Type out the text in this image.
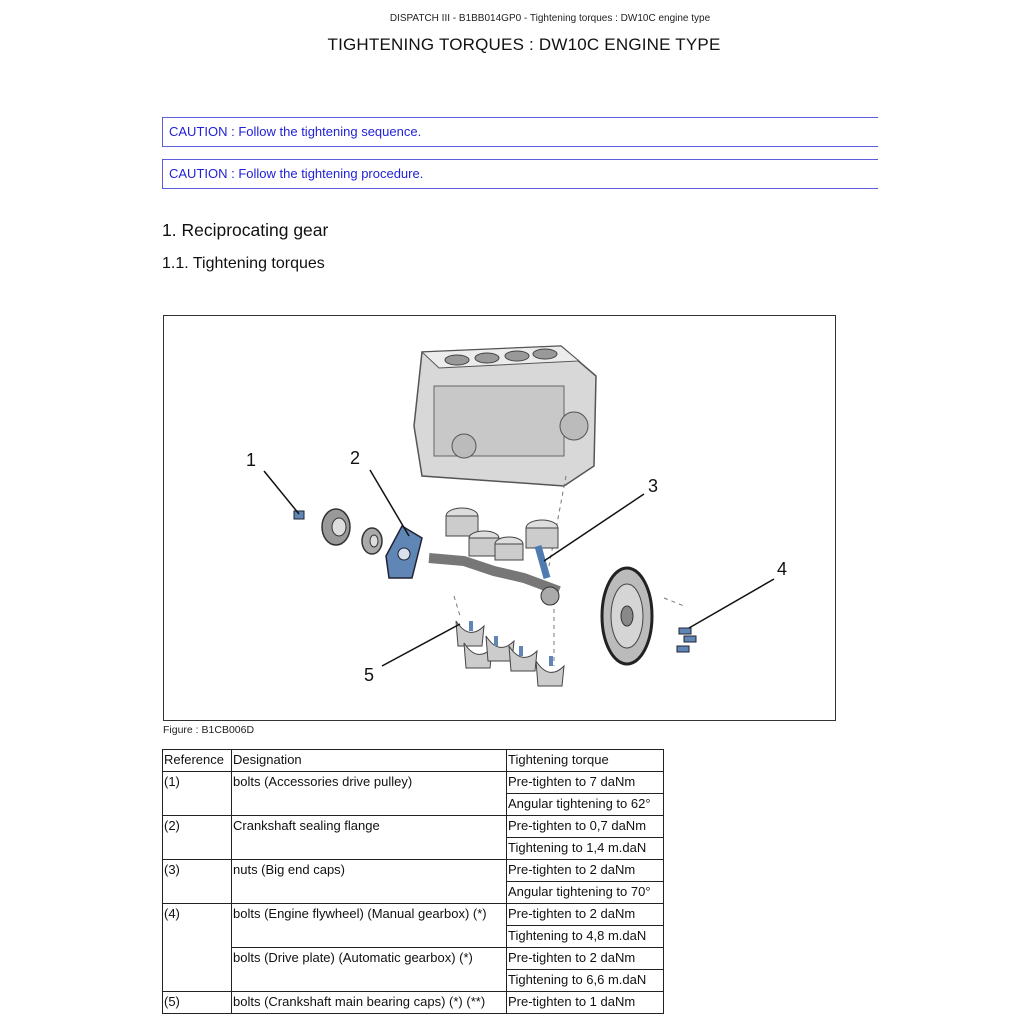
DISPATCH III - B1BB014GP0 - Tightening torques : DW10C engine type
TIGHTENING TORQUES : DW10C ENGINE TYPE
CAUTION : Follow the tightening sequence.
CAUTION : Follow the tightening procedure.
1. Reciprocating gear
1.1. Tightening torques
1	2
3
4
5
Figure : B1CB006D
Reference	Designation	Tightening torque
(1)	bolts (Accessories drive pulley)	Pre-tighten to 7 daNm
		Angular tightening to 62°
(2)	Crankshaft sealing flange	Pre-tighten to 0,7 daNm
		Tightening to 1,4 m.daN
(3)	nuts (Big end caps)	Pre-tighten to 2 daNm
		Angular tightening to 70°
(4)	bolts (Engine flywheel) (Manual gearbox) (*)	Pre-tighten to 2 daNm
		Tightening to 4,8 m.daN
	bolts (Drive plate) (Automatic gearbox) (*)	Pre-tighten to 2 daNm
		Tightening to 6,6 m.daN
(5)	bolts (Crankshaft main bearing caps) (*) (**)	Pre-tighten to 1 daNm
